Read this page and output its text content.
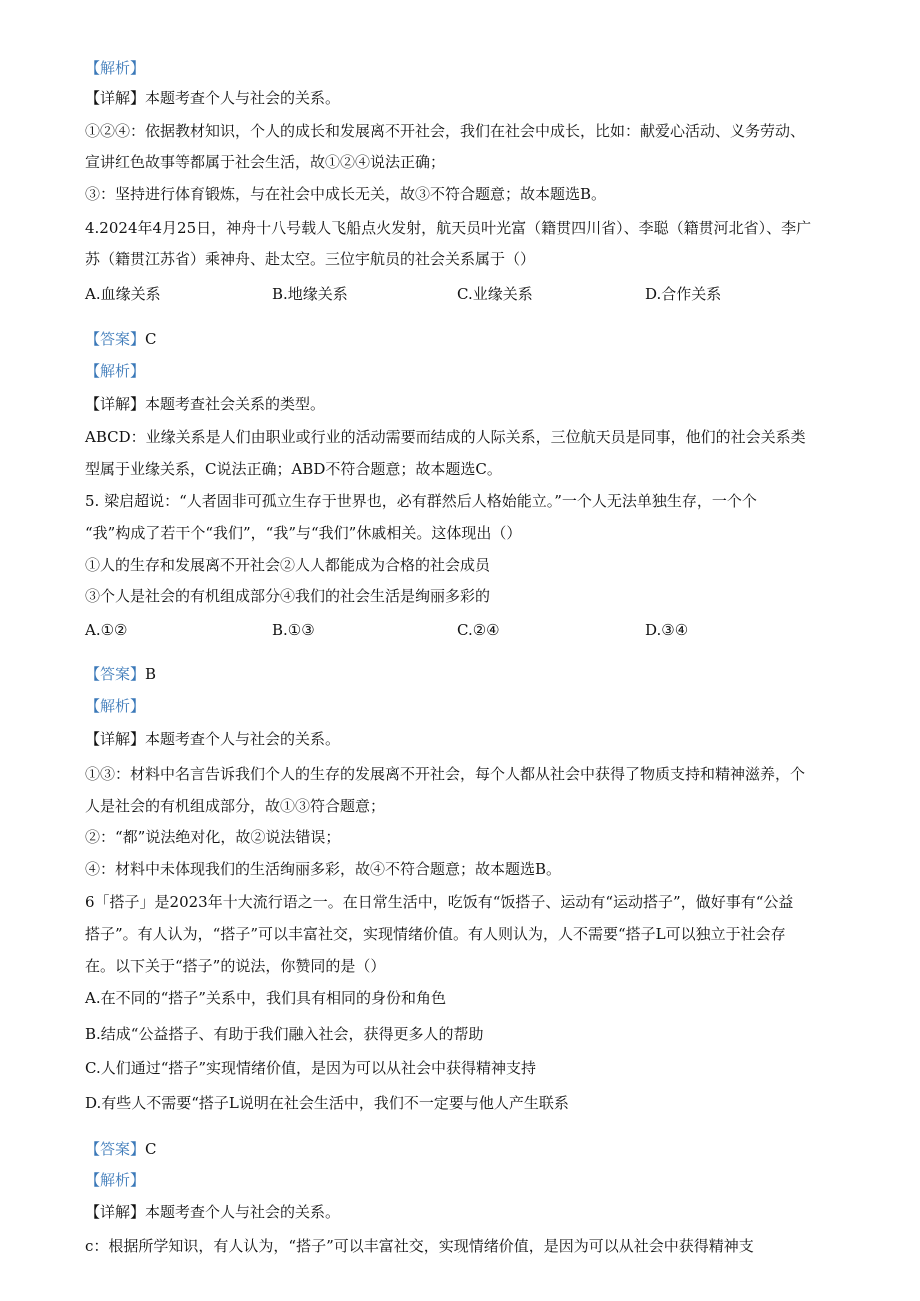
【解析】
【详解】本题考查个人与社会的关系。
①②④：依据教材知识，个人的成长和发展离不开社会，我们在社会中成长，比如：献爱心活动、义务劳动、
宣讲红色故事等都属于社会生活，故①②④说法正确；
③：坚持进行体育锻炼，与在社会中成长无关，故③不符合题意；故本题选B。
4.2024年4月25日，神舟十八号载人飞船点火发射，航天员叶光富（籍贯四川省）、李聪（籍贯河北省）、李广
苏（籍贯江苏省）乘神舟、赴太空。三位宇航员的社会关系属于（）
A.血缘关系	B.地缘关系	C.业缘关系	D.合作关系
【答案】C
【解析】
【详解】本题考查社会关系的类型。
ABCD：业缘关系是人们由职业或行业的活动需要而结成的人际关系，三位航天员是同事，他们的社会关系类
型属于业缘关系，C说法正确；ABD不符合题意；故本题选C。
5. 梁启超说：“人者固非可孤立生存于世界也，必有群然后人格始能立。”一个人无法单独生存，一个个
“我”构成了若干个“我们”，“我”与“我们”休戚相关。这体现出（）
①人的生存和发展离不开社会②人人都能成为合格的社会成员
③个人是社会的有机组成部分④我们的社会生活是绚丽多彩的
A.①②	B.①③	C.②④	D.③④
【答案】B
【解析】
【详解】本题考查个人与社会的关系。
①③：材料中名言告诉我们个人的生存的发展离不开社会，每个人都从社会中获得了物质支持和精神滋养，个
人是社会的有机组成部分，故①③符合题意；
②：“都”说法绝对化，故②说法错误；
④：材料中未体现我们的生活绚丽多彩，故④不符合题意；故本题选B。
6「搭子」是2023年十大流行语之一。在日常生活中，吃饭有“饭搭子、运动有“运动搭子”，做好事有“公益
搭子”。有人认为，“搭子”可以丰富社交，实现情绪价值。有人则认为，人不需要“搭子L可以独立于社会存
在。以下关于“搭子”的说法，你赞同的是（）
A.在不同的“搭子”关系中，我们具有相同的身份和角色
B.结成“公益搭子、有助于我们融入社会，获得更多人的帮助
C.人们通过“搭子”实现情绪价值，是因为可以从社会中获得精神支持
D.有些人不需要“搭子L说明在社会生活中，我们不一定要与他人产生联系
【答案】C
【解析】
【详解】本题考查个人与社会的关系。
c：根据所学知识，有人认为，“搭子”可以丰富社交，实现情绪价值，是因为可以从社会中获得精神支
